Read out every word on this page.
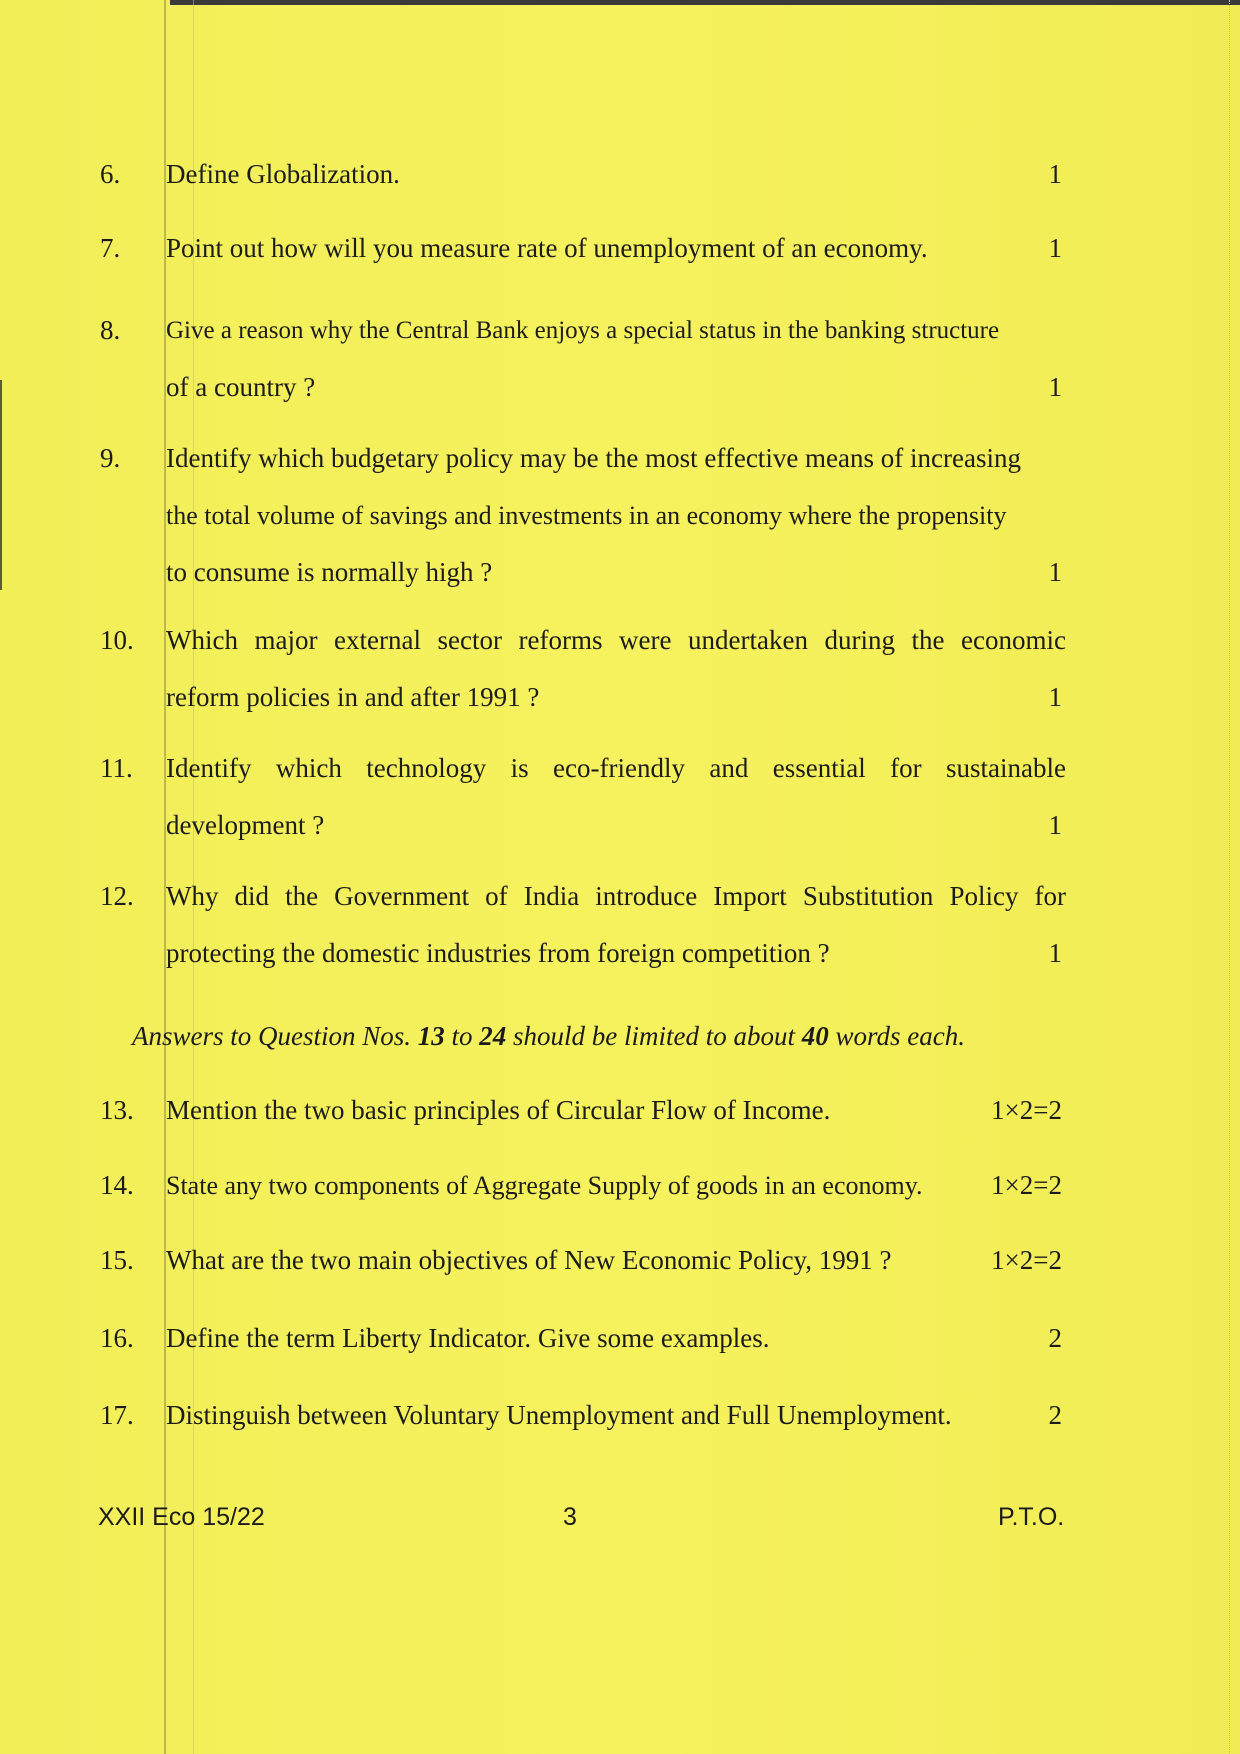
6.	Define Globalization.	1
7.	Point out how will you measure rate of unemployment of an economy.	1
8.	Give a reason why the Central Bank enjoys a special status in the banking structure
of a country ?	1
9.	Identify which budgetary policy may be the most effective means of increasing
the total volume of savings and investments in an economy where the propensity
to consume is normally high ?	1
10.	Which major external sector reforms were undertaken during the economic
reform policies in and after 1991 ?	1
11.	Identify which technology is eco-friendly and essential for sustainable
development ?	1
12.	Why did the Government of India introduce Import Substitution Policy for
protecting the domestic industries from foreign competition ?	1
Answers to Question Nos. 13 to 24 should be limited to about 40 words each.
13.	Mention the two basic principles of Circular Flow of Income.	1×2=2
14.	State any two components of Aggregate Supply of goods in an economy.	1×2=2
15.	What are the two main objectives of New Economic Policy, 1991 ?	1×2=2
16.	Define the term Liberty Indicator. Give some examples.	2
17.	Distinguish between Voluntary Unemployment and Full Unemployment.	2
XXII Eco 15/22	3	P.T.O.
